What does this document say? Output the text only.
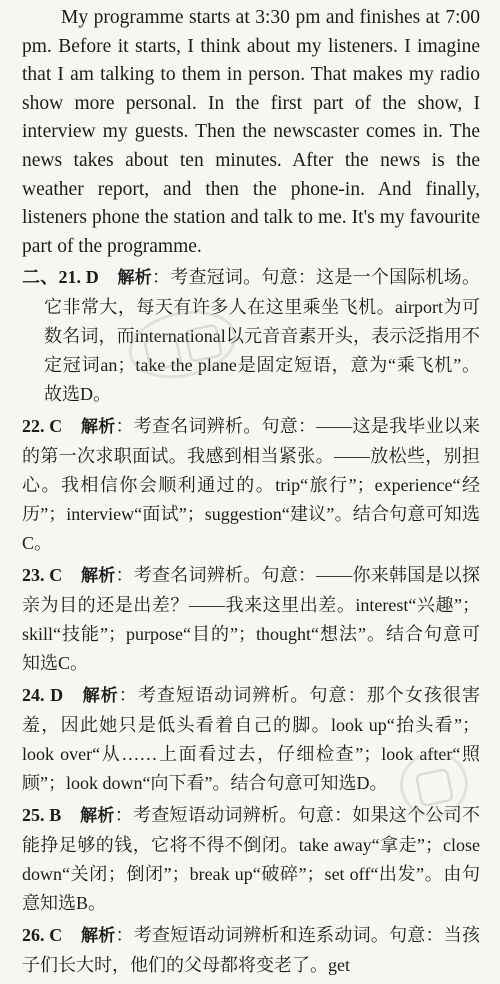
My programme starts at 3:30 pm and finishes at 7:00 pm. Before it starts, I think about my listeners. I imagine that I am talking to them in person. That makes my radio show more personal. In the first part of the show, I interview my guests. Then the newscaster comes in. The news takes about ten minutes. After the news is the weather report, and then the phone-in. And finally, listeners phone the station and talk to me. It's my favourite part of the programme.

二、21. D 解析：考查冠词。句意：这是一个国际机场。它非常大，每天有许多人在这里乘坐飞机。airport为可数名词，而international以元音音素开头，表示泛指用不定冠词an；take the plane是固定短语，意为“乘飞机”。故选D。
22. C 解析：考查名词辨析。句意：——这是我毕业以来的第一次求职面试。我感到相当紧张。——放松些，别担心。我相信你会顺利通过的。trip“旅行”；experience“经历”；interview“面试”；suggestion“建议”。结合句意可知选C。
23. C 解析：考查名词辨析。句意：——你来韩国是以探亲为目的还是出差？——我来这里出差。interest“兴趣”；skill“技能”；purpose“目的”；thought“想法”。结合句意可知选C。
24. D 解析：考查短语动词辨析。句意：那个女孩很害羞，因此她只是低头看着自己的脚。look up“抬头看”；look over“从……上面看过去，仔细检查”；look after“照顾”；look down“向下看”。结合句意可知选D。
25. B 解析：考查短语动词辨析。句意：如果这个公司不能挣足够的钱，它将不得不倒闭。take away“拿走”；close down“关闭；倒闭”；break up“破碎”；set off“出发”。由句意知选B。
26. C 解析：考查短语动词辨析和连系动词。句意：当孩子们长大时，他们的父母都将变老了。get
▢▢
▢
